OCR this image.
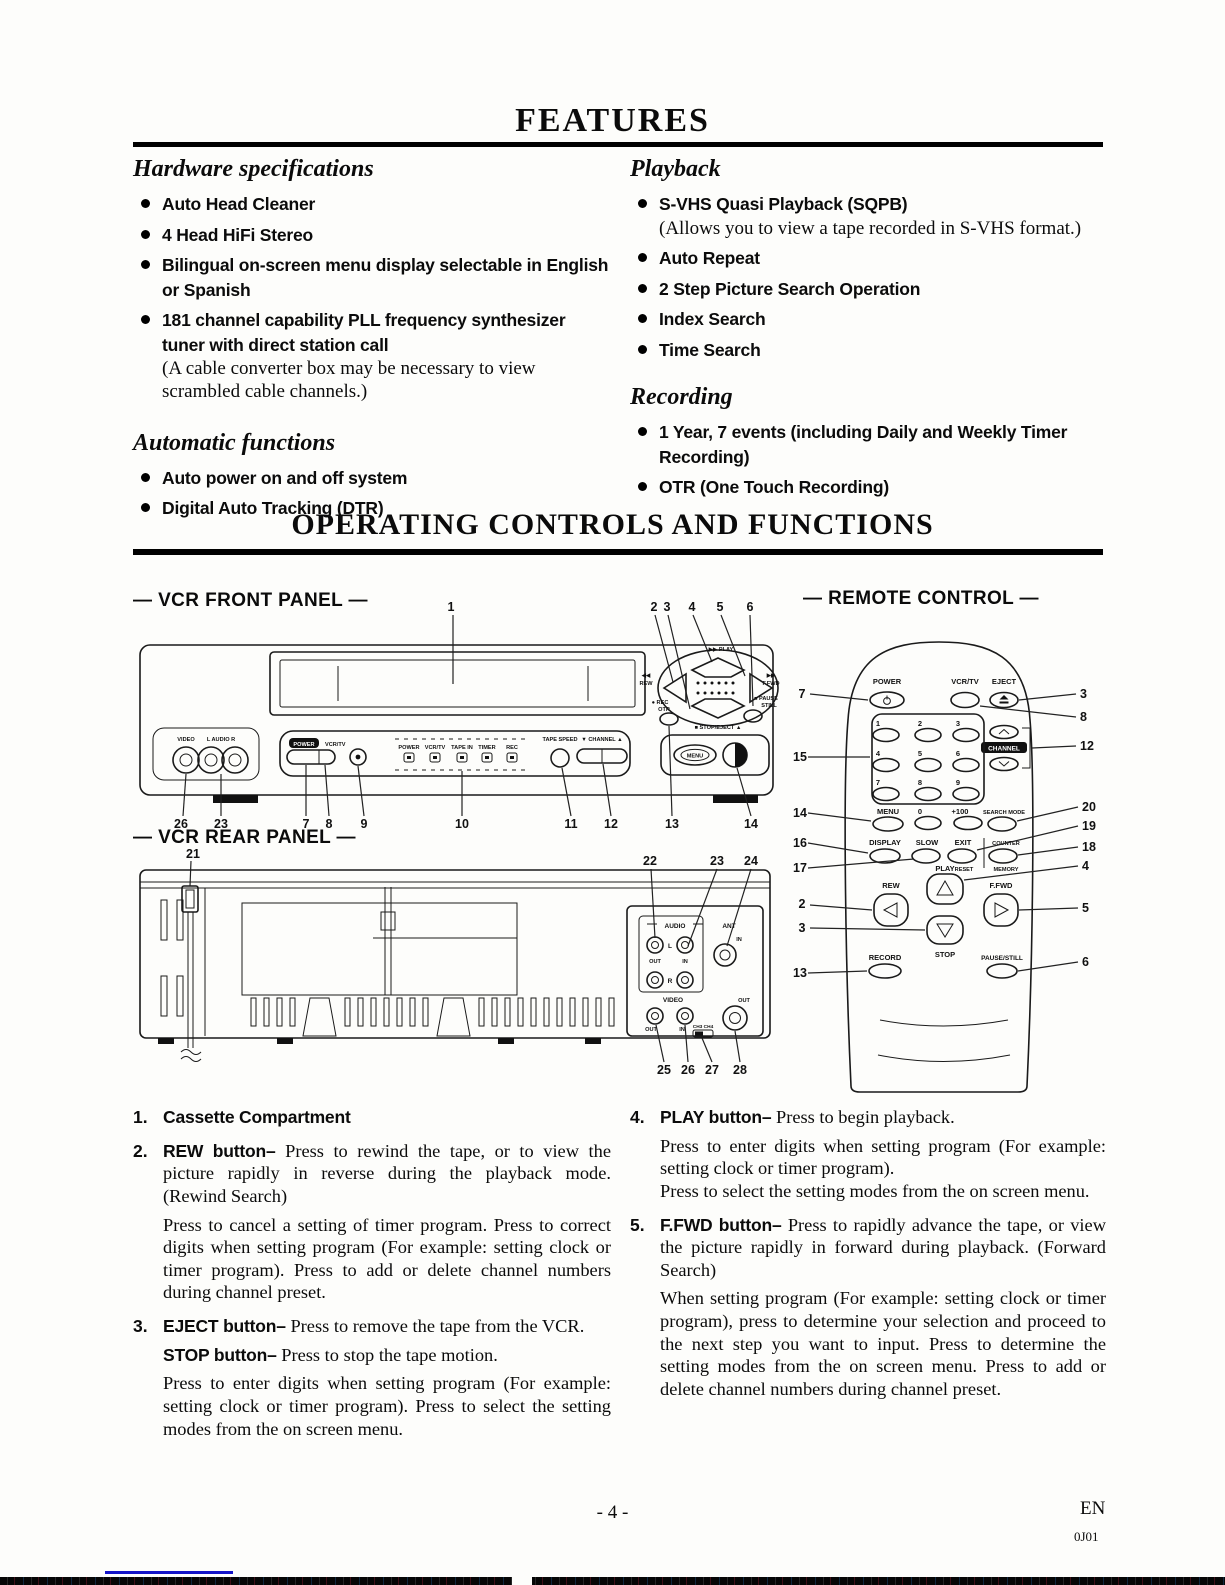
FEATURES
Hardware specifications
Auto Head Cleaner
4 Head HiFi Stereo
Bilingual on-screen menu display selectable in English or Spanish
181 channel capability PLL frequency synthesizer tuner with direct station call
(A cable converter box may be necessary to view scrambled cable channels.)
Automatic functions
Auto power on and off system
Digital Auto Tracking (DTR)
Playback
S-VHS Quasi Playback (SQPB)
(Allows you to view a tape recorded in S-VHS format.)
Auto Repeat
2 Step Picture Search Operation
Index Search
Time Search
Recording
1 Year, 7 events (including Daily and Weekly Timer Recording)
OTR (One Touch Recording)
OPERATING CONTROLS AND FUNCTIONS
— VCR FRONT PANEL —	— REMOTE CONTROL —
— VCR REAR PANEL —
1	2 3 4 5 6
VIDEO L AUDIO R
POWER VCR/TV	POWER VCR/TV TAPE IN TIMER REC
TAPE SPEED ▼ CHANNEL ▲
MENU
▶▶ PLAY
◀◀
REW
▶▶
F.FWD
■ STOP/EJECT ▲
● REC
OTR
■ PAUSE
STILL
26 23	7 8 9	10	11 12	13	14
21	22	23 24
AUDIO
L
OUT	IN
R
ANT
IN
VIDEO
OUT	IN
OUT
CH3 CH4
25 26 27 28
POWER	VCR/TV EJECT
CHANNEL
1	2	3
4	5	6
7	8	9
0	+100
MENU	SEARCH MODE
DISPLAY SLOW EXIT
RESET
COUNTER
MEMORY
PLAY
REW	F.FWD
STOP
RECORD	PAUSE/STILL
7
15
14
16
17
2
3
13
3
8
12
20
19
18
4
5
6
1. Cassette Compartment
2. REW button– Press to rewind the tape, or to view the picture rapidly in reverse during the playback mode. (Rewind Search)

Press to cancel a setting of timer program. Press to correct digits when setting program (For example: setting clock or timer program). Press to add or delete channel numbers during channel preset.

3. EJECT button– Press to remove the tape from the VCR.

STOP button– Press to stop the tape motion.

Press to enter digits when setting program (For example: setting clock or timer program). Press to select the setting modes from the on screen menu.

4. PLAY button– Press to begin playback.

Press to enter digits when setting program (For example: setting clock or timer program).

Press to select the setting modes from the on screen menu.

5. F.FWD button– Press to rapidly advance the tape, or view the picture rapidly in forward during playback. (Forward Search)

When setting program (For example: setting clock or timer program), press to determine your selection and proceed to the next step you want to input. Press to determine the setting modes from the on screen menu. Press to add or delete channel numbers during channel preset.

- 4 -	EN
0J01
